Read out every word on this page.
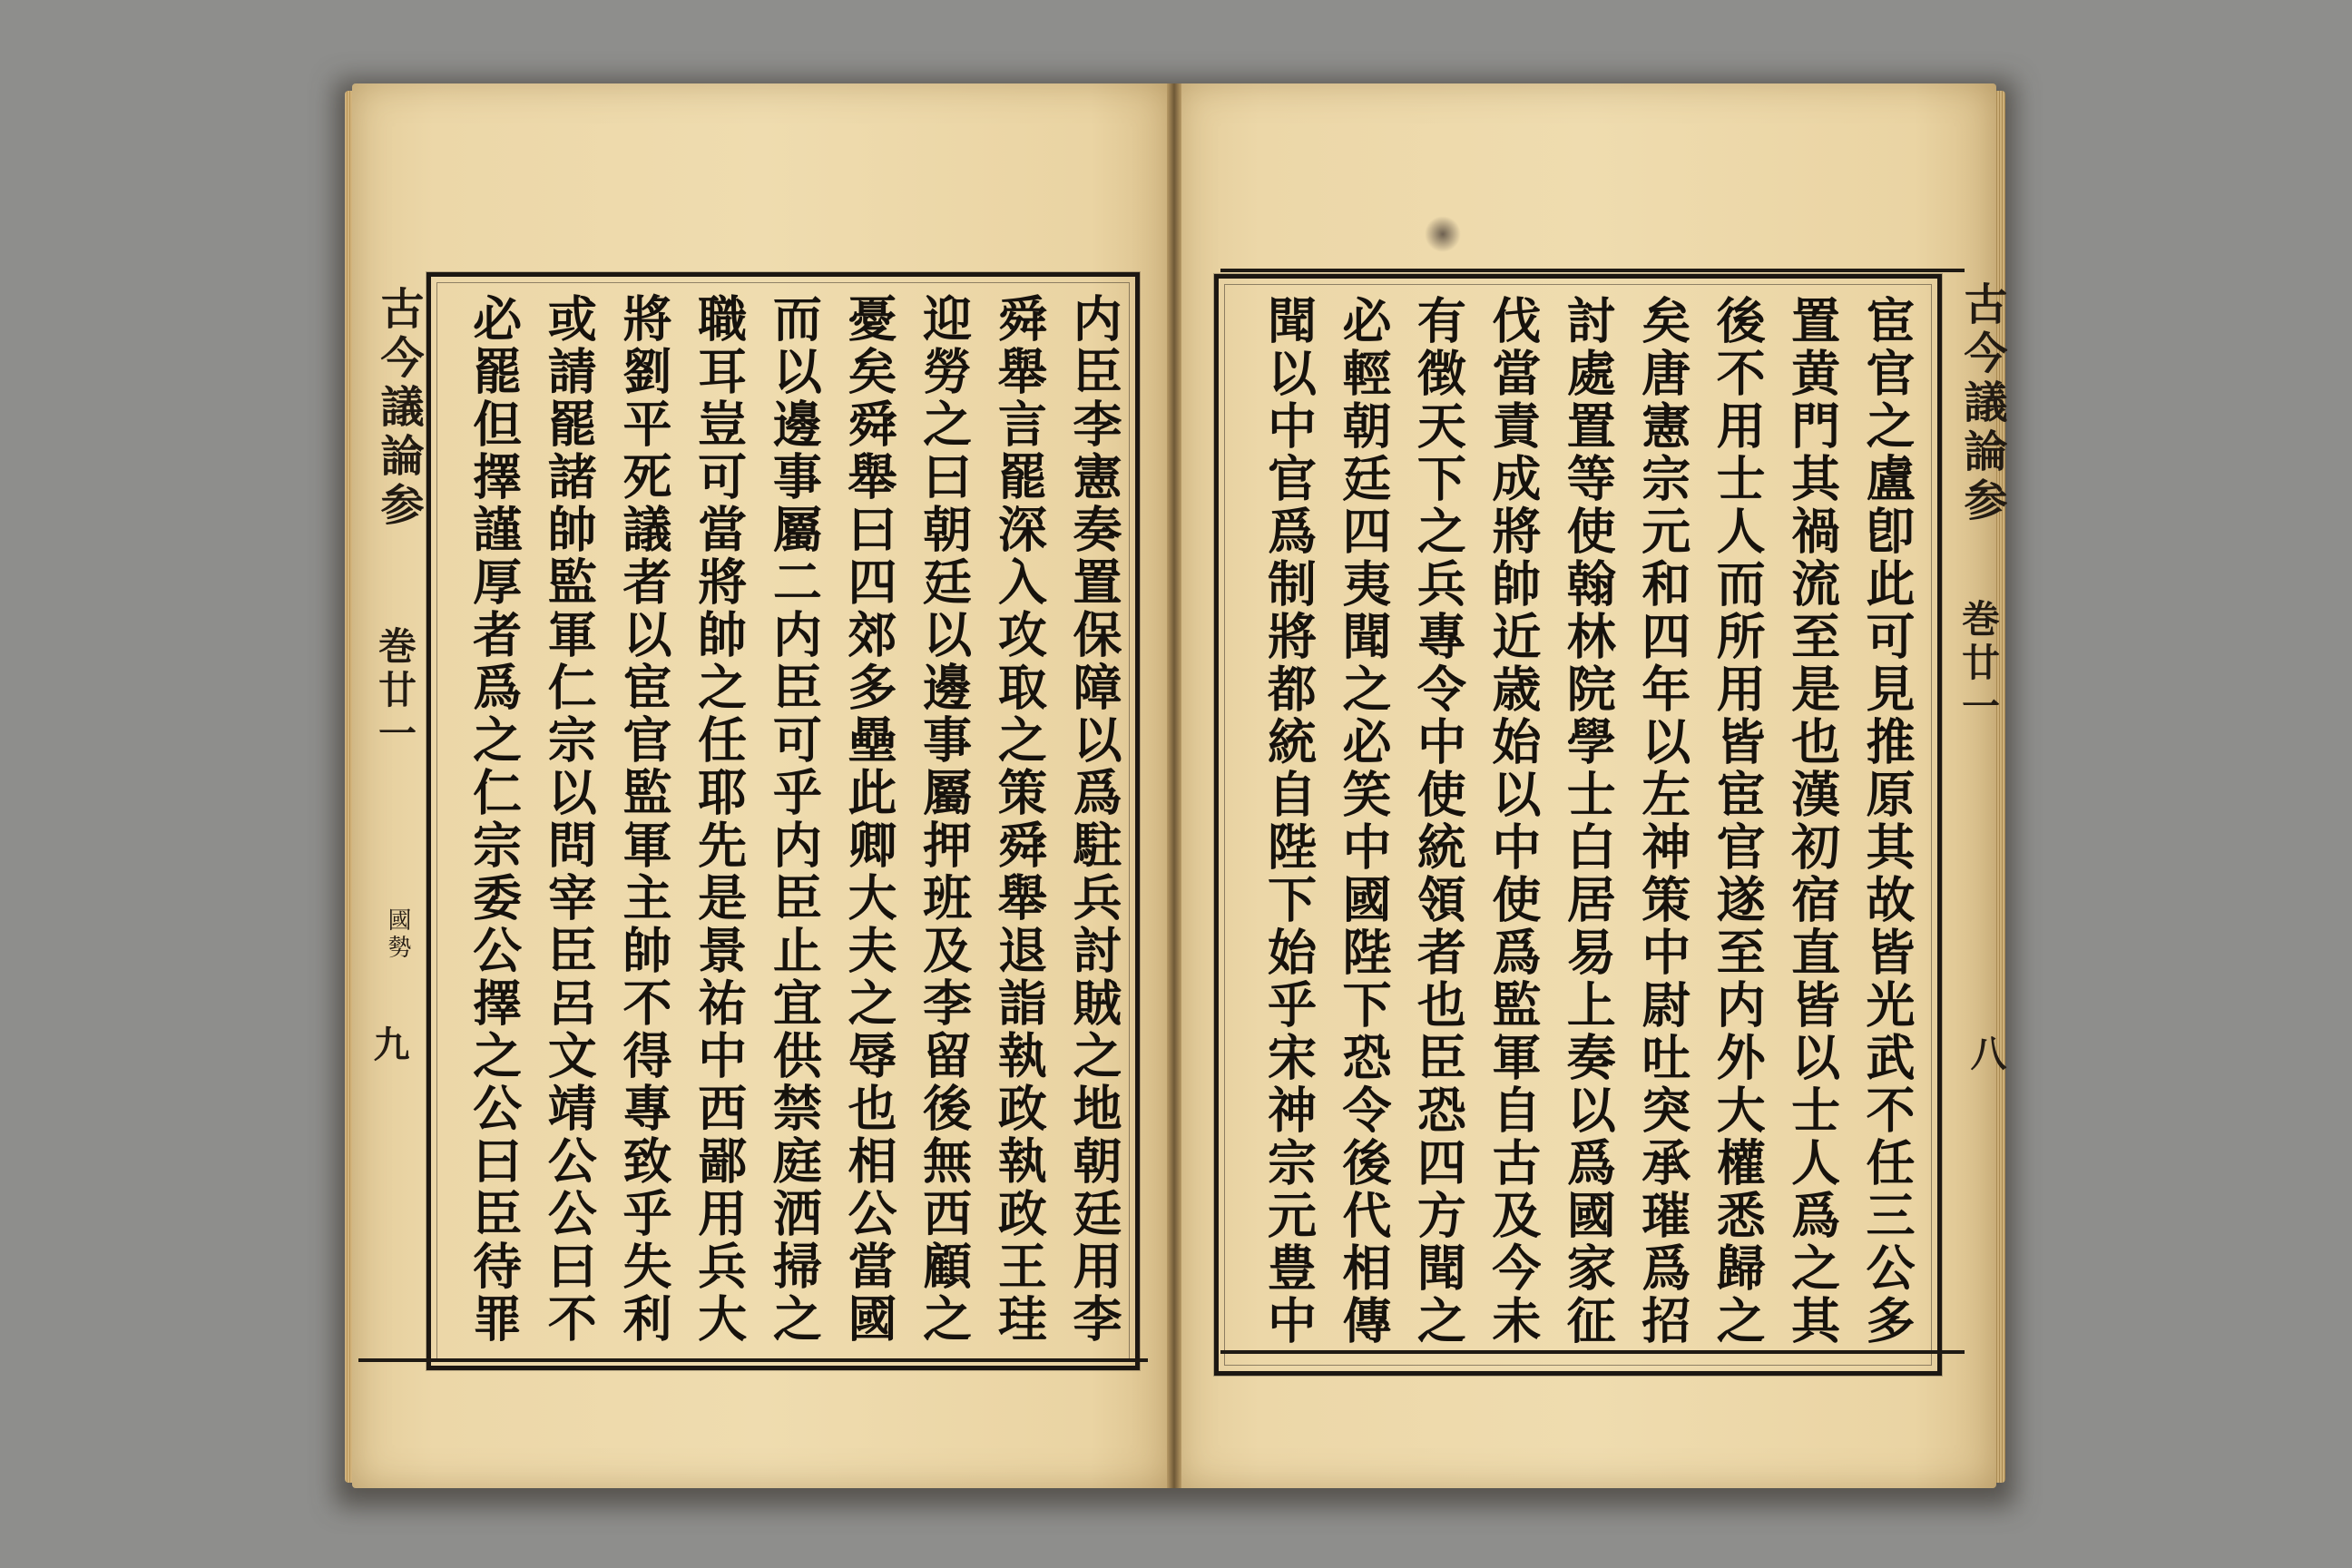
古今議論参
國勢
巻廿一
九	内臣李憲奏置保障以爲駐兵討賊之地朝廷用李
舜舉言罷深入攻取之策舜舉退詣執政執政王珪
迎勞之曰朝廷以邊事屬押班及李留後無西顧之
憂矣舜舉曰四郊多壘此卿大夫之辱也相公當國
而以邊事屬二内臣可乎内臣止宜供禁庭洒掃之
職耳豈可當將帥之任耶先是景祐中西鄙用兵大
將劉平死議者以宦官監軍主帥不得專致乎失利
或請罷諸帥監軍仁宗以問宰臣呂文靖公公曰不
必罷但擇謹厚者爲之仁宗委公擇之公曰臣待罪	宦官之盧卽此可見推原其故皆光武不任三公多
置黄門其禍流至是也漢初宿直皆以士人爲之其
後不用士人而所用皆宦官遂至内外大權悉歸之
矣唐憲宗元和四年以左神策中尉吐突承璀爲招
討處置等使翰林院學士白居易上奏以爲國家征
伐當責成將帥近歳始以中使爲監軍自古及今未
有徴天下之兵專令中使統領者也臣恐四方聞之
必輕朝廷四夷聞之必笑中國陛下恐令後代相傳
聞以中官爲制將都統自陛下始乎宋神宗元豊中	古今議論参
巻廿一
八
